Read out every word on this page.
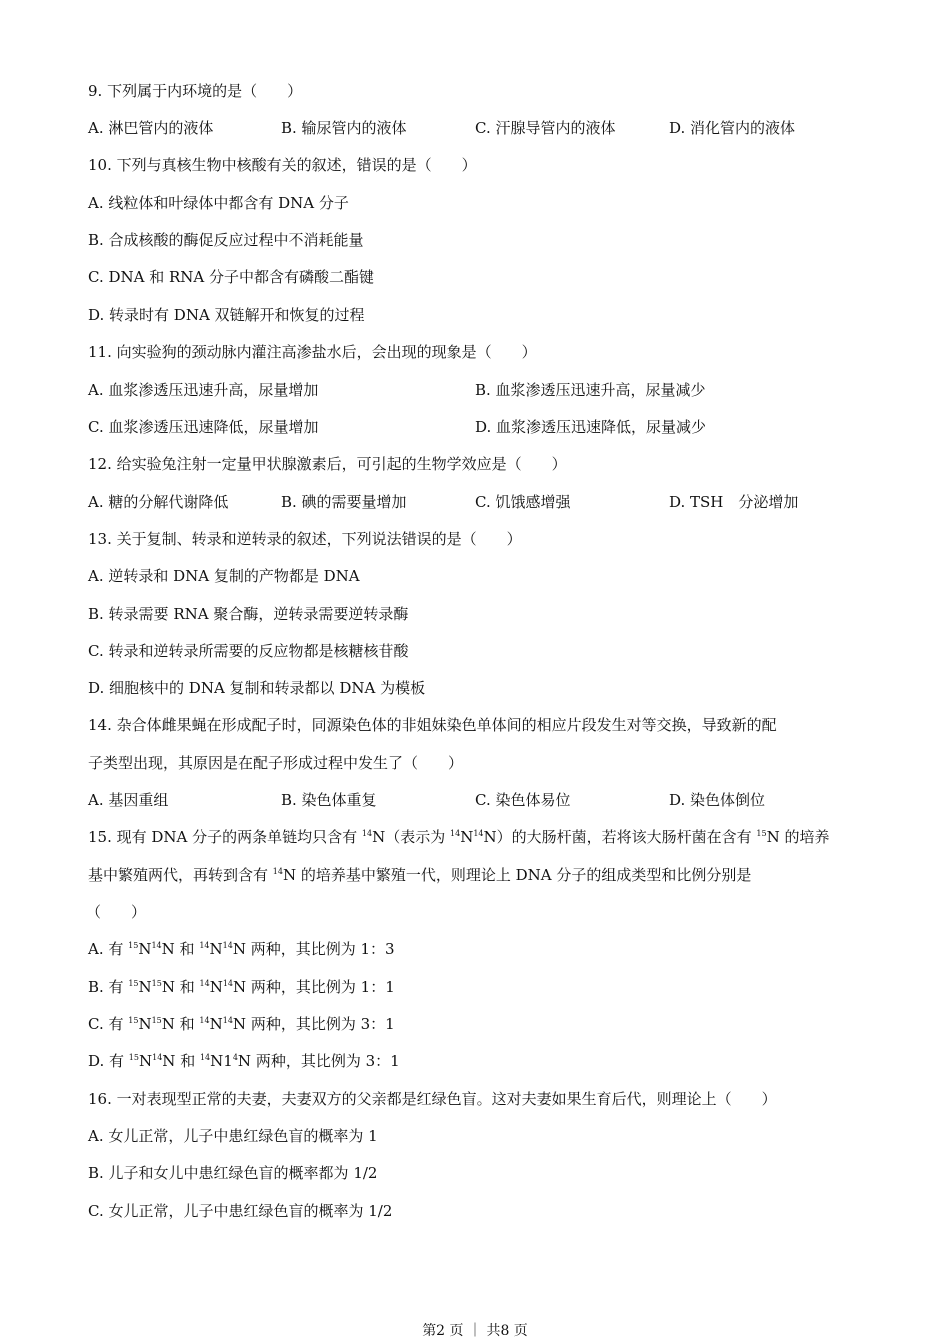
9. 下列属于内环境的是（　　）
A. 淋巴管内的液体	B. 输尿管内的液体	C. 汗腺导管内的液体	D. 消化管内的液体
10. 下列与真核生物中核酸有关的叙述，错误的是（　　）
A. 线粒体和叶绿体中都含有 DNA 分子
B. 合成核酸的酶促反应过程中不消耗能量
C. DNA 和 RNA 分子中都含有磷酸二酯键
D. 转录时有 DNA 双链解开和恢复的过程
11. 向实验狗的颈动脉内灌注高渗盐水后，会出现的现象是（　　）
A. 血浆渗透压迅速升高，尿量增加	B. 血浆渗透压迅速升高，尿量减少
C. 血浆渗透压迅速降低，尿量增加	D. 血浆渗透压迅速降低，尿量减少
12. 给实验兔注射一定量甲状腺激素后，可引起的生物学效应是（　　）
A. 糖的分解代谢降低	B. 碘的需要量增加	C. 饥饿感增强	D. TSH　分泌增加
13. 关于复制、转录和逆转录的叙述，下列说法错误的是（　　）
A. 逆转录和 DNA 复制的产物都是 DNA
B. 转录需要 RNA 聚合酶，逆转录需要逆转录酶
C. 转录和逆转录所需要的反应物都是核糖核苷酸
D. 细胞核中的 DNA 复制和转录都以 DNA 为模板
14. 杂合体雌果蝇在形成配子时，同源染色体的非姐妹染色单体间的相应片段发生对等交换，导致新的配
子类型出现，其原因是在配子形成过程中发生了（　　）
A. 基因重组	B. 染色体重复	C. 染色体易位	D. 染色体倒位
15. 现有 DNA 分子的两条单链均只含有 $^{14}$N（表示为 $^{14}N^{14}N$）的大肠杆菌，若将该大肠杆菌在含有 $^{15}$N 的培养
基中繁殖两代，再转到含有 $^{14}$N 的培养基中繁殖一代，则理论上 DNA 分子的组成类型和比例分别是
（　　）
A. 有 $^{15}N^{14}N$ 和 $^{14}N^{14}N$ 两种，其比例为 1：3
B. 有 $^{15}N^{15}N$ 和 $^{14}N^{14}N$ 两种，其比例为 1：1
C. 有 $^{15}N^{15}N$ 和 $^{14}N^{14}N$ 两种，其比例为 3：1
D. 有 $^{15}N^{14}N$ 和 $^{14}N1^4N$ 两种，其比例为 3：1
16. 一对表现型正常的夫妻，夫妻双方的父亲都是红绿色盲。这对夫妻如果生育后代，则理论上（　　）
A. 女儿正常，儿子中患红绿色盲的概率为 1
B. 儿子和女儿中患红绿色盲的概率都为 1/2
C. 女儿正常，儿子中患红绿色盲的概率为 1/2
第2 页 ｜ 共8 页
